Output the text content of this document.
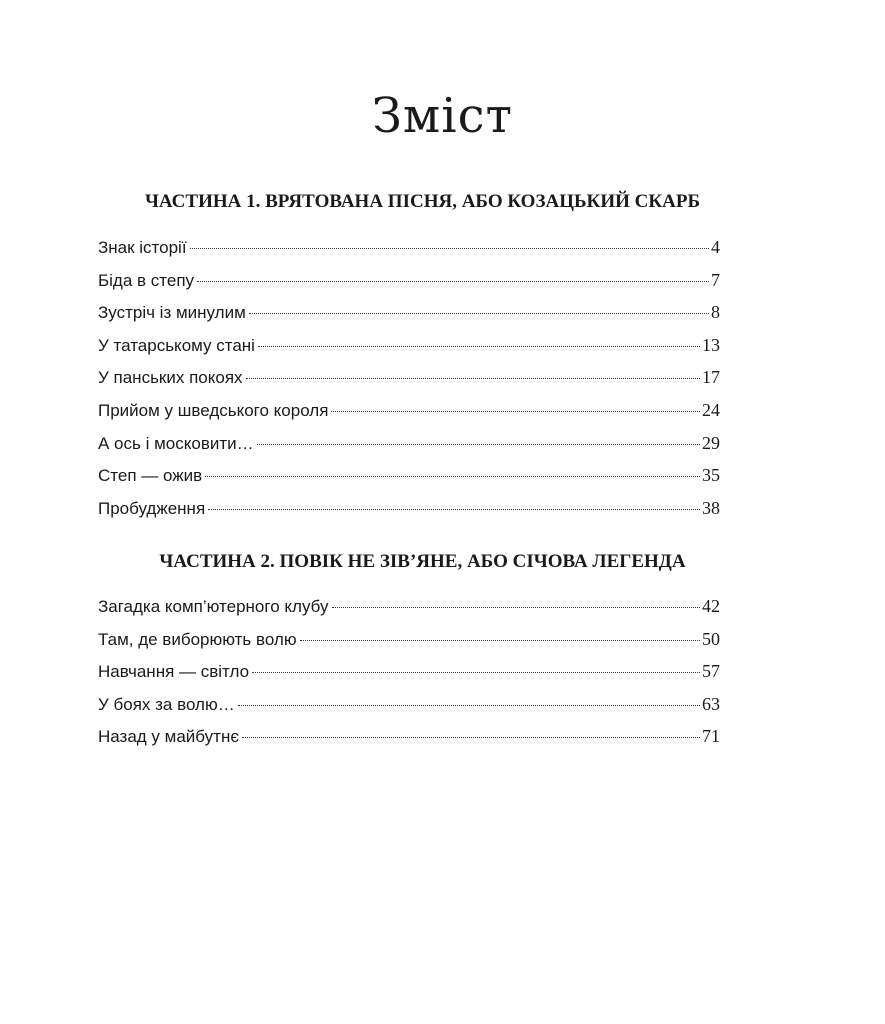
Зміст
ЧАСТИНА 1. ВРЯТОВАНА ПІСНЯ, АБО КОЗАЦЬКИЙ СКАРБ
Знак історії	4
Біда в степу	7
Зустріч із минулим	8
У татарському стані	13
У панських покоях	17
Прийом у шведського короля	24
А ось і московити…	29
Степ — ожив	35
Пробудження	38
ЧАСТИНА 2. ПОВІК НЕ ЗІВ’ЯНЕ, АБО СІЧОВА ЛЕГЕНДА
Загадка комп’ютерного клубу	42
Там, де виборюють волю	50
Навчання — світло	57
У боях за волю…	63
Назад у майбутнє	71
